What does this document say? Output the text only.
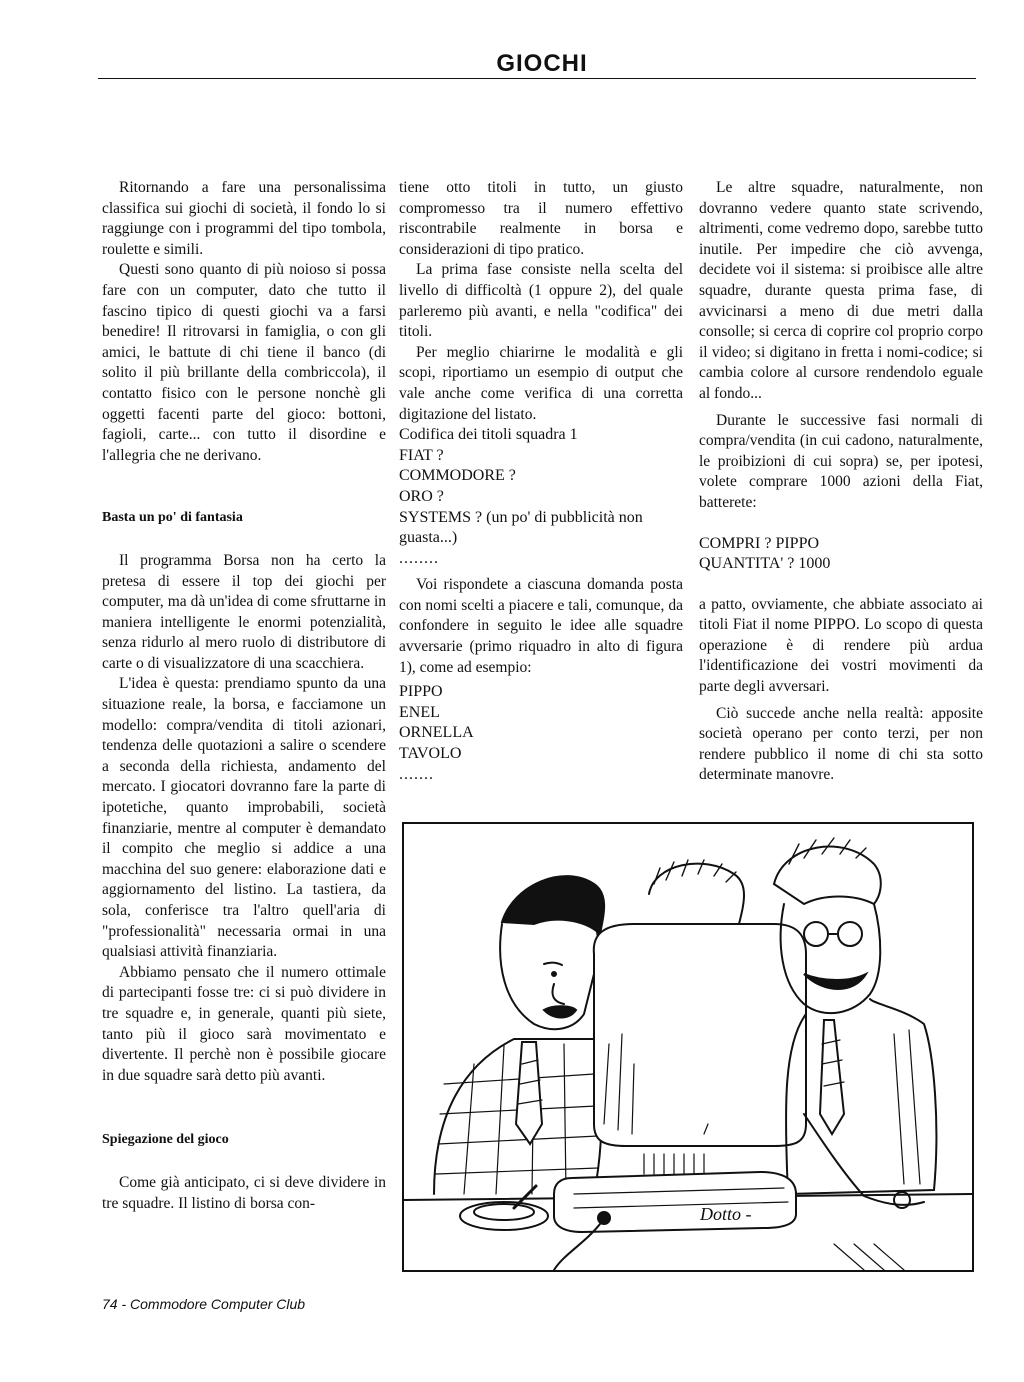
GIOCHI

Ritornando a fare una personalissima classifica sui giochi di società, il fondo lo si raggiunge con i programmi del tipo tombola, roulette e simili.

Questi sono quanto di più noioso si possa fare con un computer, dato che tutto il fascino tipico di questi giochi va a farsi benedire! Il ritrovarsi in famiglia, o con gli amici, le battute di chi tiene il banco (di solito il più brillante della combriccola), il contatto fisico con le persone nonchè gli oggetti facenti parte del gioco: bottoni, fagioli, carte... con tutto il disordine e l'allegria che ne derivano.

Basta un po' di fantasia

Il programma Borsa non ha certo la pretesa di essere il top dei giochi per computer, ma dà un'idea di come sfruttarne in maniera intelligente le enormi potenzialità, senza ridurlo al mero ruolo di distributore di carte o di visualizzatore di una scacchiera.

L'idea è questa: prendiamo spunto da una situazione reale, la borsa, e facciamone un modello: compra/vendita di titoli azionari, tendenza delle quotazioni a salire o scendere a seconda della richiesta, andamento del mercato. I giocatori dovranno fare la parte di ipotetiche, quanto improbabili, società finanziarie, mentre al computer è demandato il compito che meglio si addice a una macchina del suo genere: elaborazione dati e aggiornamento del listino. La tastiera, da sola, conferisce tra l'altro quell'aria di "professionalità" necessaria ormai in una qualsiasi attività finanziaria.

Abbiamo pensato che il numero ottimale di partecipanti fosse tre: ci si può dividere in tre squadre e, in generale, quanti più siete, tanto più il gioco sarà movimentato e divertente. Il perchè non è possibile giocare in due squadre sarà detto più avanti.

Spiegazione del gioco

Come già anticipato, ci si deve dividere in tre squadre. Il listino di borsa con-

tiene otto titoli in tutto, un giusto compromesso tra il numero effettivo riscontrabile realmente in borsa e considerazioni di tipo pratico.

La prima fase consiste nella scelta del livello di difficoltà (1 oppure 2), del quale parleremo più avanti, e nella "codifica" dei titoli.

Per meglio chiarirne le modalità e gli scopi, riportiamo un esempio di output che vale anche come verifica di una corretta digitazione del listato.

Codifica dei titoli squadra 1
FIAT ?
COMMODORE ?
ORO ?
SYSTEMS ? (un po' di pubblicità non guasta...)
........

Voi rispondete a ciascuna domanda posta con nomi scelti a piacere e tali, comunque, da confondere in seguito le idee alle squadre avversarie (primo riquadro in alto di figura 1), come ad esempio:

PIPPO
ENEL
ORNELLA
TAVOLO
.......

Le altre squadre, naturalmente, non dovranno vedere quanto state scrivendo, altrimenti, come vedremo dopo, sarebbe tutto inutile. Per impedire che ciò avvenga, decidete voi il sistema: si proibisce alle altre squadre, durante questa prima fase, di avvicinarsi a meno di due metri dalla consolle; si cerca di coprire col proprio corpo il video; si digitano in fretta i nomi-codice; si cambia colore al cursore rendendolo eguale al fondo...

Durante le successive fasi normali di compra/vendita (in cui cadono, naturalmente, le proibizioni di cui sopra) se, per ipotesi, volete comprare 1000 azioni della Fiat, batterete:

COMPRI ? PIPPO
QUANTITA' ? 1000

a patto, ovviamente, che abbiate associato ai titoli Fiat il nome PIPPO. Lo scopo di questa operazione è di rendere più ardua l'identificazione dei vostri movimenti da parte degli avversari.

Ciò succede anche nella realtà: apposite società operano per conto terzi, per non rendere pubblico il nome di chi sta sotto determinate manovre.

Dotto -
74 - Commodore Computer Club
